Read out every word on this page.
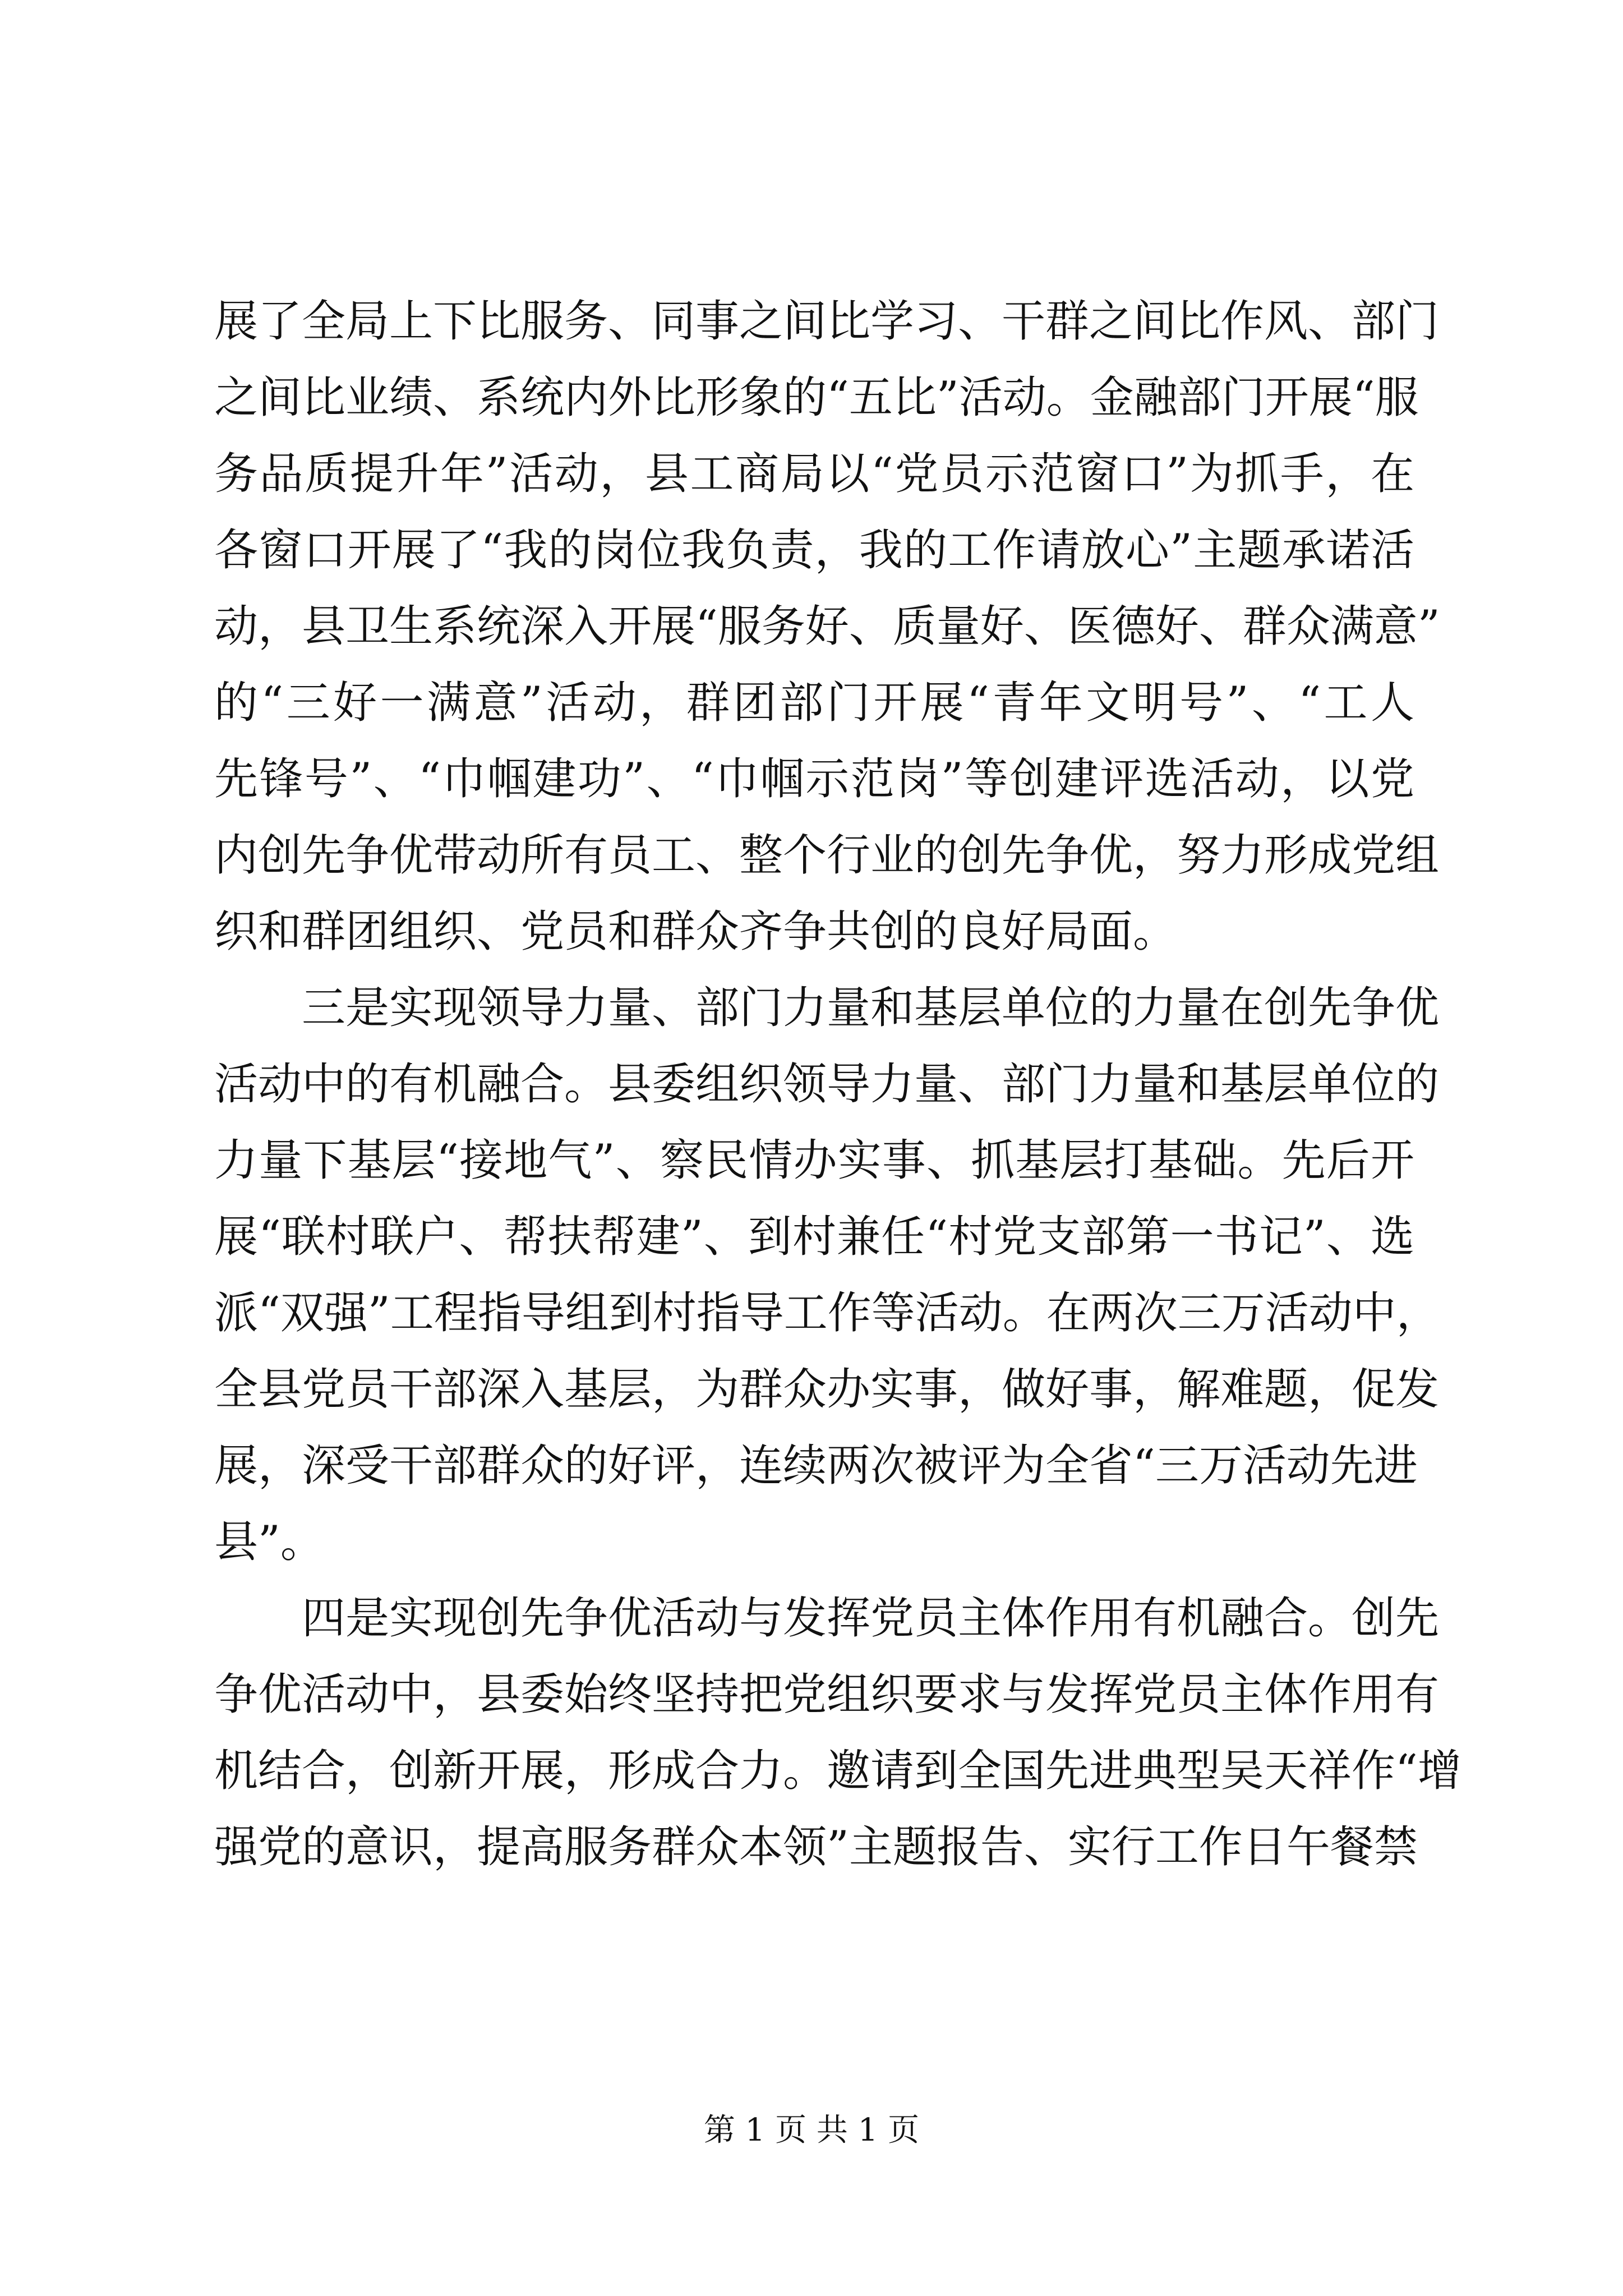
展了全局上下比服务、同事之间比学习、干群之间比作风、部门
之间比业绩、系统内外比形象的“五比”活动。金融部门开展“服
务品质提升年”活动，县工商局以“党员示范窗口”为抓手，在
各窗口开展了“我的岗位我负责，我的工作请放心”主题承诺活
动，县卫生系统深入开展“服务好、质量好、医德好、群众满意”
的“三好一满意”活动，群团部门开展“青年文明号”、“工人
先锋号”、“巾帼建功”、“巾帼示范岗”等创建评选活动，以党
内创先争优带动所有员工、整个行业的创先争优，努力形成党组
织和群团组织、党员和群众齐争共创的良好局面。
　　三是实现领导力量、部门力量和基层单位的力量在创先争优
活动中的有机融合。县委组织领导力量、部门力量和基层单位的
力量下基层“接地气”、察民情办实事、抓基层打基础。先后开
展“联村联户、帮扶帮建”、到村兼任“村党支部第一书记”、选
派“双强”工程指导组到村指导工作等活动。在两次三万活动中，
全县党员干部深入基层，为群众办实事，做好事，解难题，促发
展，深受干部群众的好评，连续两次被评为全省“三万活动先进
县”。
　　四是实现创先争优活动与发挥党员主体作用有机融合。创先
争优活动中，县委始终坚持把党组织要求与发挥党员主体作用有
机结合，创新开展，形成合力。邀请到全国先进典型吴天祥作“增
强党的意识，提高服务群众本领”主题报告、实行工作日午餐禁
第 1 页 共 1 页
